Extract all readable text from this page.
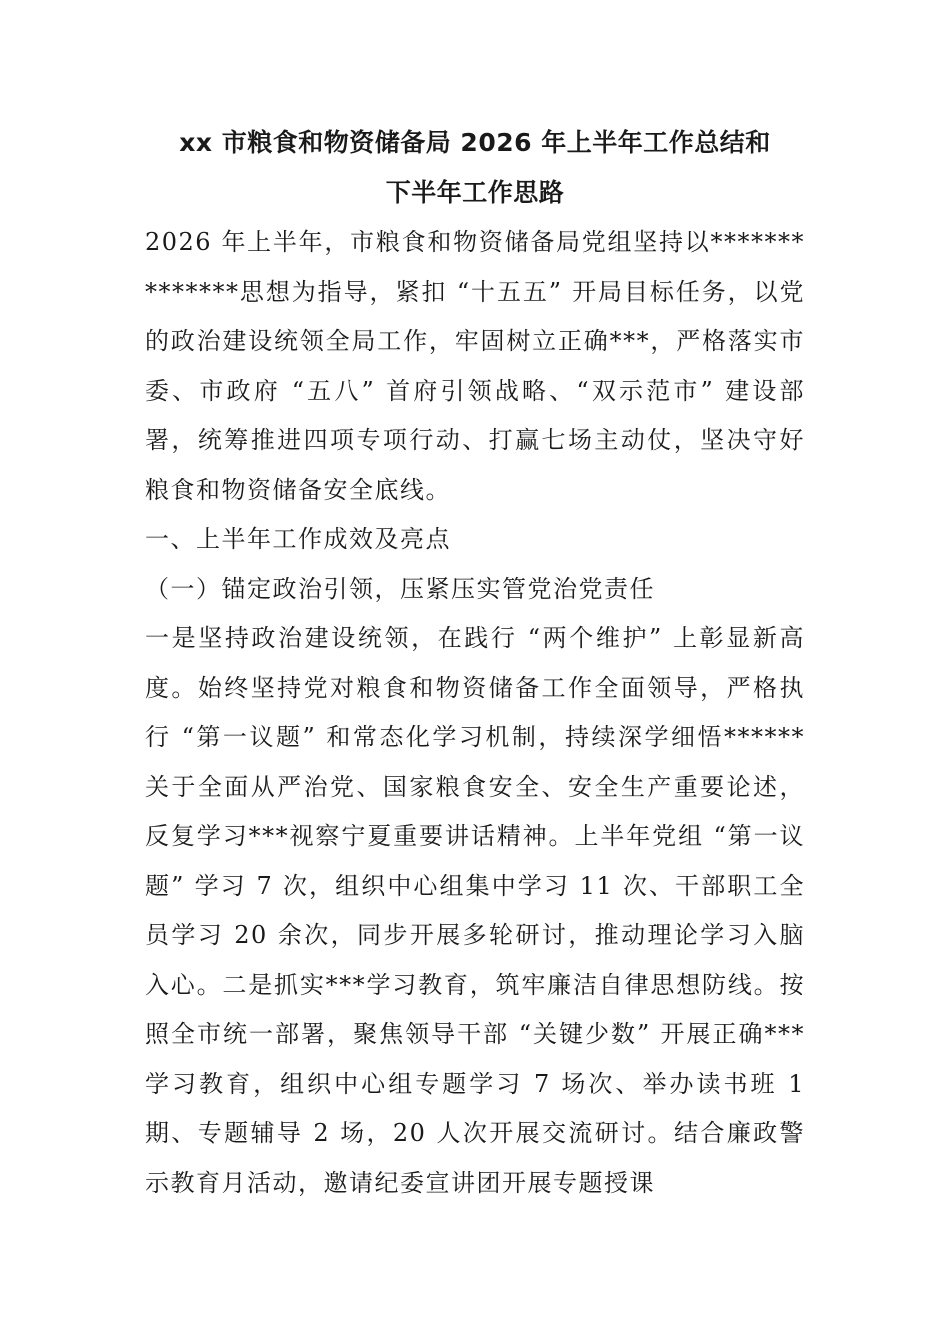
xx 市粮食和物资储备局 2026 年上半年工作总结和
下半年工作思路

2026 年上半年，市粮食和物资储备局党组坚持以**************思想为指导，紧扣 “十五五” 开局目标任务，以党的政治建设统领全局工作，牢固树立正确***，严格落实市委、市政府 “五八” 首府引领战略、“双示范市” 建设部署，统筹推进四项专项行动、打赢七场主动仗，坚决守好粮食和物资储备安全底线。

一、上半年工作成效及亮点

（一）锚定政治引领，压紧压实管党治党责任

一是坚持政治建设统领，在践行 “两个维护” 上彰显新高度。始终坚持党对粮食和物资储备工作全面领导，严格执行 “第一议题” 和常态化学习机制，持续深学细悟******关于全面从严治党、国家粮食安全、安全生产重要论述，反复学习***视察宁夏重要讲话精神。上半年党组 “第一议题” 学习 7 次，组织中心组集中学习 11 次、干部职工全员学习 20 余次，同步开展多轮研讨，推动理论学习入脑入心。二是抓实***学习教育，筑牢廉洁自律思想防线。按照全市统一部署，聚焦领导干部 “关键少数” 开展正确***学习教育，组织中心组专题学习 7 场次、举办读书班 1 期、专题辅导 2 场，20 人次开展交流研讨。结合廉政警示教育月活动，邀请纪委宣讲团开展专题授课
